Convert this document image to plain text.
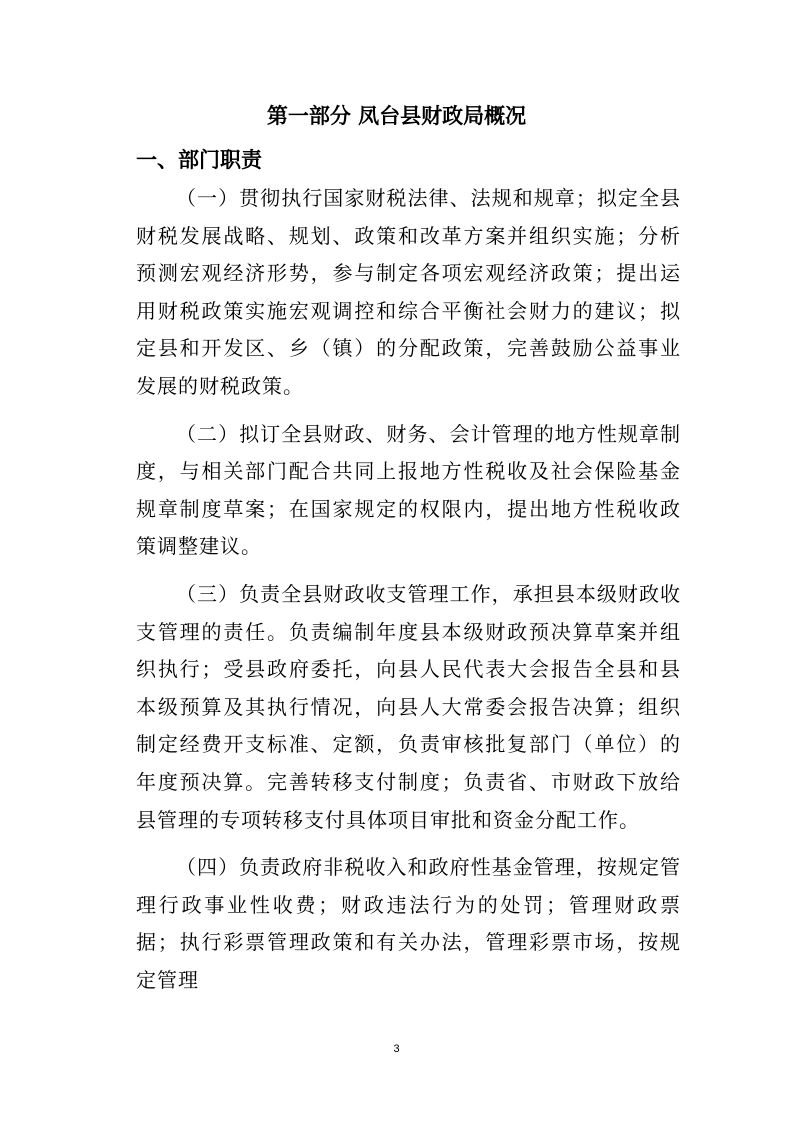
第一部分 凤台县财政局概况
一、部门职责

（一）贯彻执行国家财税法律、法规和规章；拟定全县财税发展战略、规划、政策和改革方案并组织实施；分析预测宏观经济形势，参与制定各项宏观经济政策；提出运用财税政策实施宏观调控和综合平衡社会财力的建议；拟定县和开发区、乡（镇）的分配政策，完善鼓励公益事业发展的财税政策。

（二）拟订全县财政、财务、会计管理的地方性规章制度，与相关部门配合共同上报地方性税收及社会保险基金规章制度草案；在国家规定的权限内，提出地方性税收政策调整建议。

（三）负责全县财政收支管理工作，承担县本级财政收支管理的责任。负责编制年度县本级财政预决算草案并组织执行；受县政府委托，向县人民代表大会报告全县和县本级预算及其执行情况，向县人大常委会报告决算；组织制定经费开支标准、定额，负责审核批复部门（单位）的年度预决算。完善转移支付制度；负责省、市财政下放给县管理的专项转移支付具体项目审批和资金分配工作。

（四）负责政府非税收入和政府性基金管理，按规定管理行政事业性收费；财政违法行为的处罚；管理财政票据；执行彩票管理政策和有关办法，管理彩票市场，按规定管理

3
